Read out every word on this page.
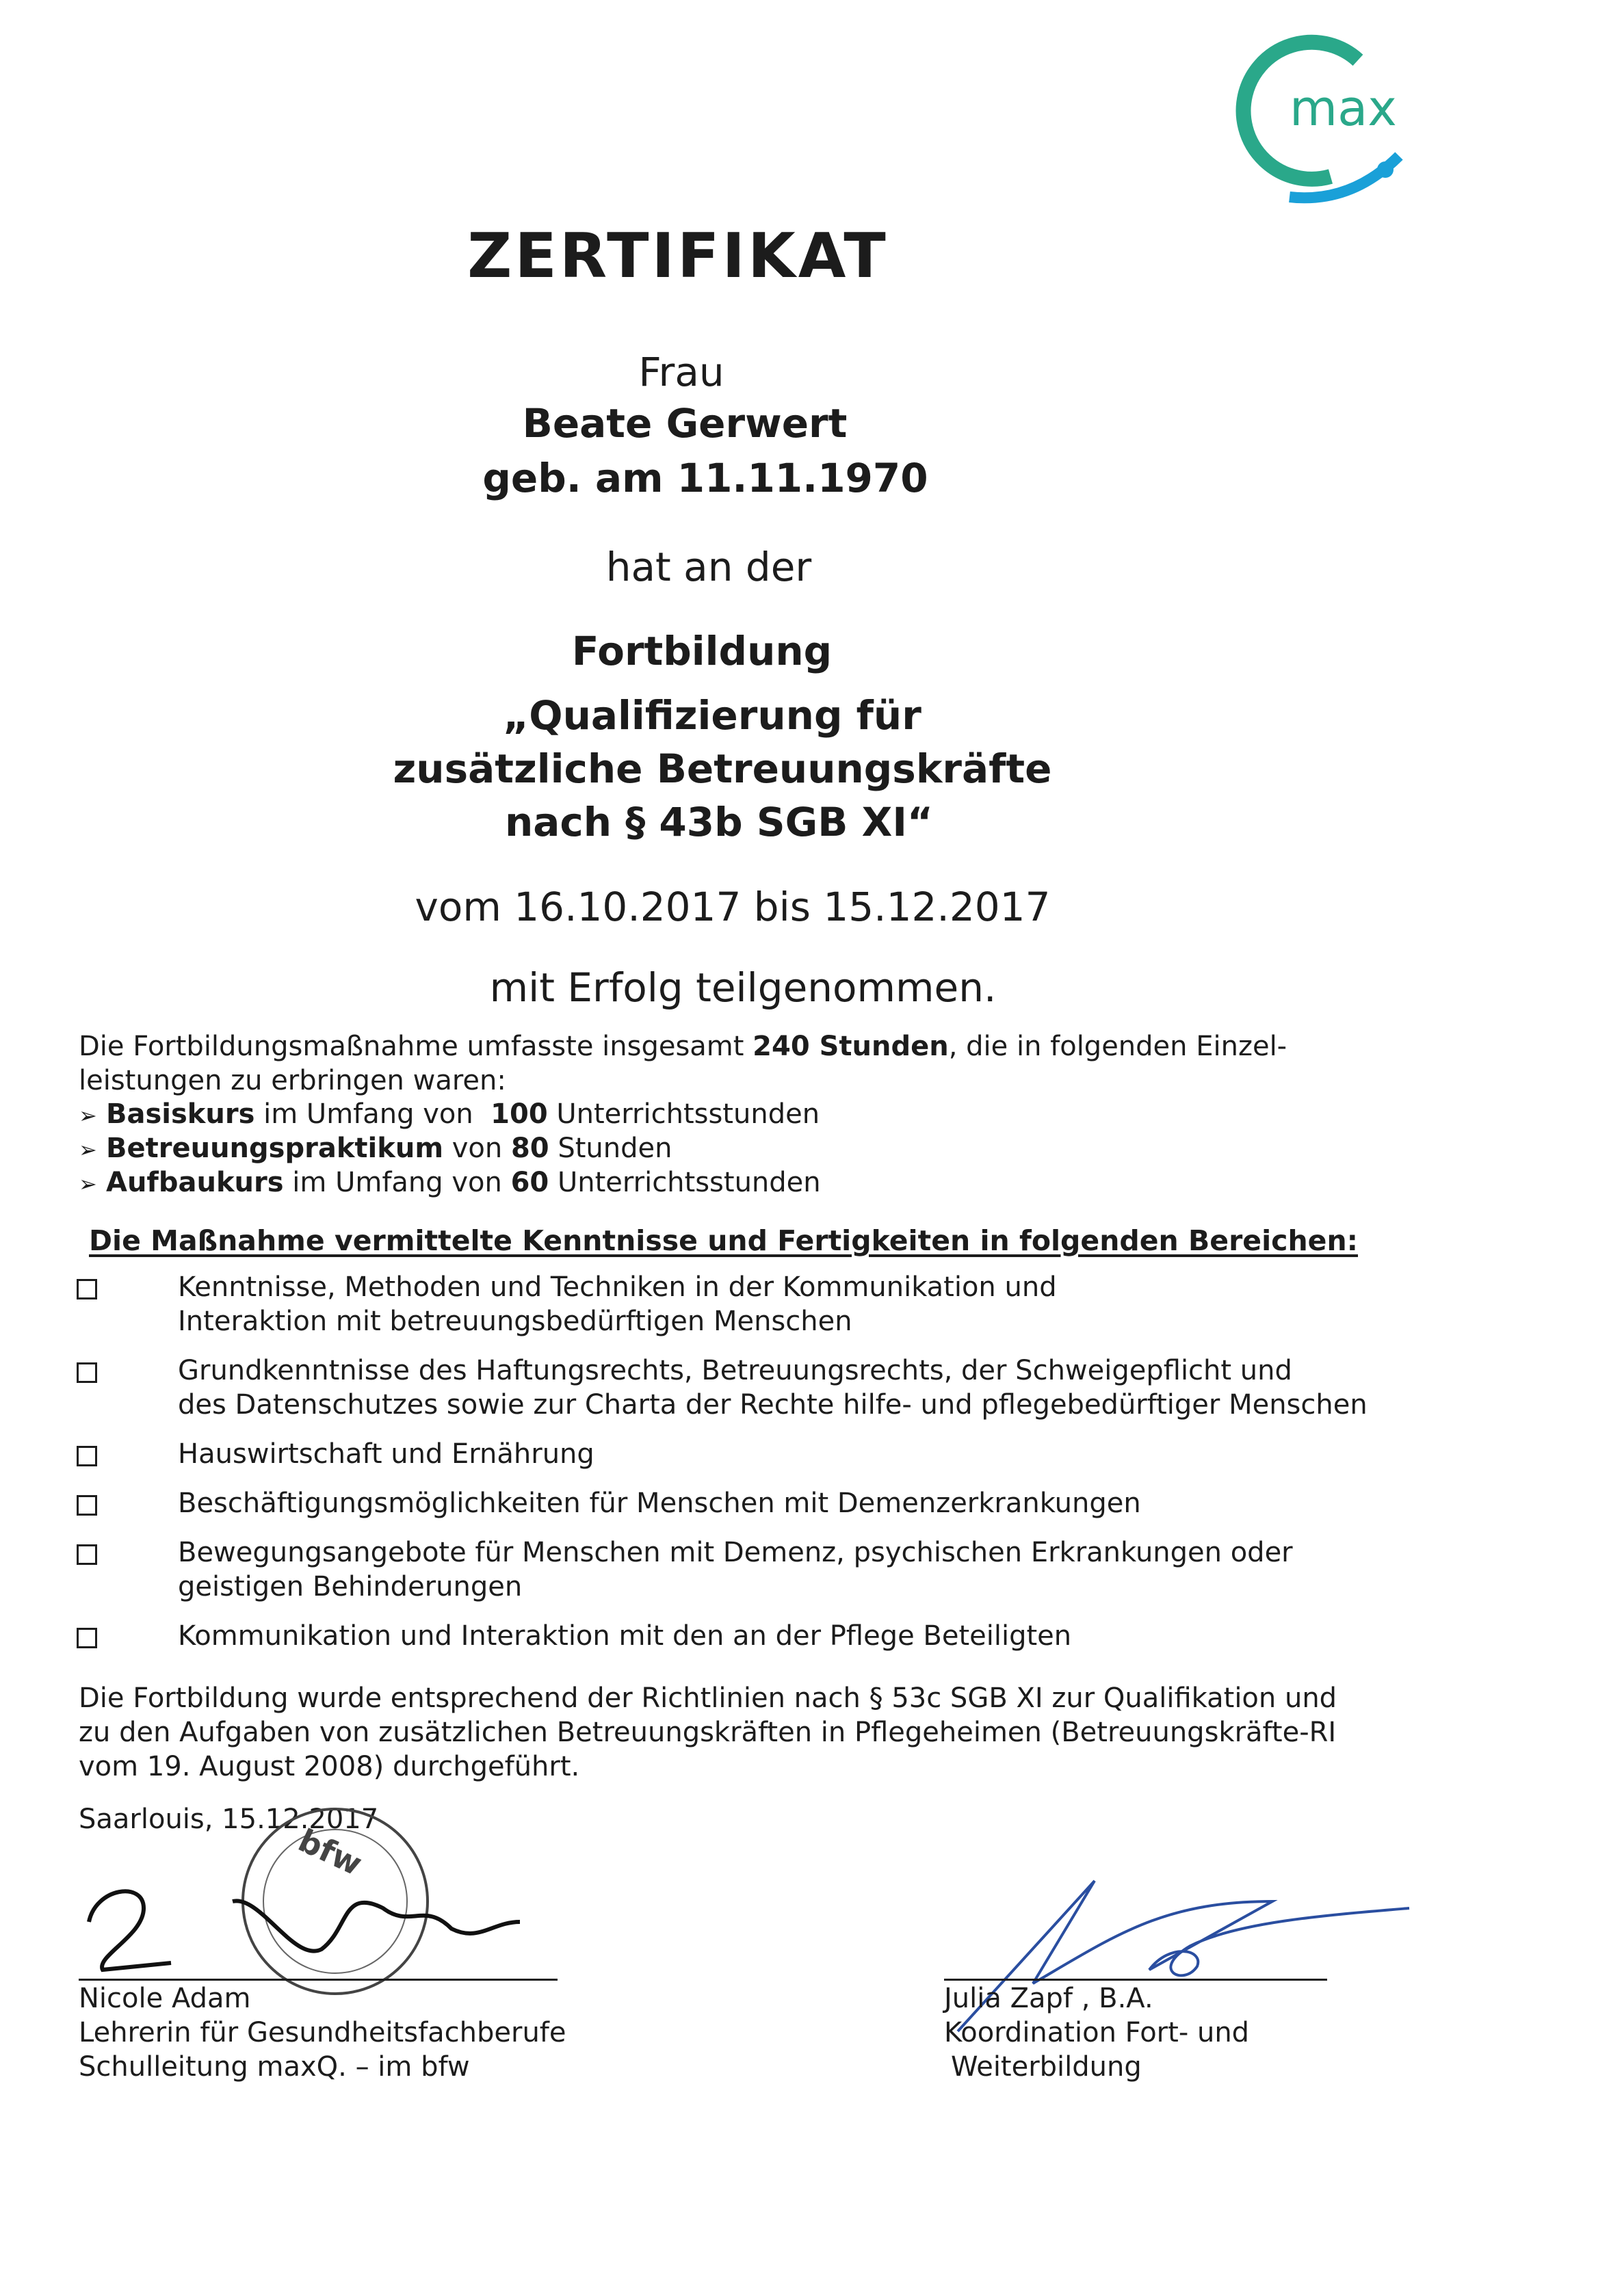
max
ZERTIFIKAT
Frau
Beate Gerwert
geb. am 11.11.1970
hat an der
Fortbildung
„Qualifizierung für
zusätzliche Betreuungskräfte
nach § 43b SGB XI“
vom 16.10.2017 bis 15.12.2017
mit Erfolg teilgenommen.
Die Fortbildungsmaßnahme umfasste insgesamt 240 Stunden, die in folgenden Einzel-
leistungen zu erbringen waren:
➢ Basiskurs im Umfang von  100 Unterrichtsstunden
➢ Betreuungspraktikum von 80 Stunden
➢ Aufbaukurs im Umfang von 60 Unterrichtsstunden
Die Maßnahme vermittelte Kenntnisse und Fertigkeiten in folgenden Bereichen:
Kenntnisse, Methoden und Techniken in der Kommunikation und
Interaktion mit betreuungsbedürftigen Menschen
Grundkenntnisse des Haftungsrechts, Betreuungsrechts, der Schweigepflicht und
des Datenschutzes sowie zur Charta der Rechte hilfe- und pflegebedürftiger Menschen
Hauswirtschaft und Ernährung
Beschäftigungsmöglichkeiten für Menschen mit Demenzerkrankungen
Bewegungsangebote für Menschen mit Demenz, psychischen Erkrankungen oder
geistigen Behinderungen
Kommunikation und Interaktion mit den an der Pflege Beteiligten
Die Fortbildung wurde entsprechend der Richtlinien nach § 53c SGB XI zur Qualifikation und
zu den Aufgaben von zusätzlichen Betreuungskräften in Pflegeheimen (Betreuungskräfte-RI
vom 19. August 2008) durchgeführt.
Saarlouis, 15.12.2017
bfw
Nicole Adam
Lehrerin für Gesundheitsfachberufe
Schulleitung maxQ. – im bfw
Julia Zapf , B.A.
Koordination Fort- und
Weiterbildung
